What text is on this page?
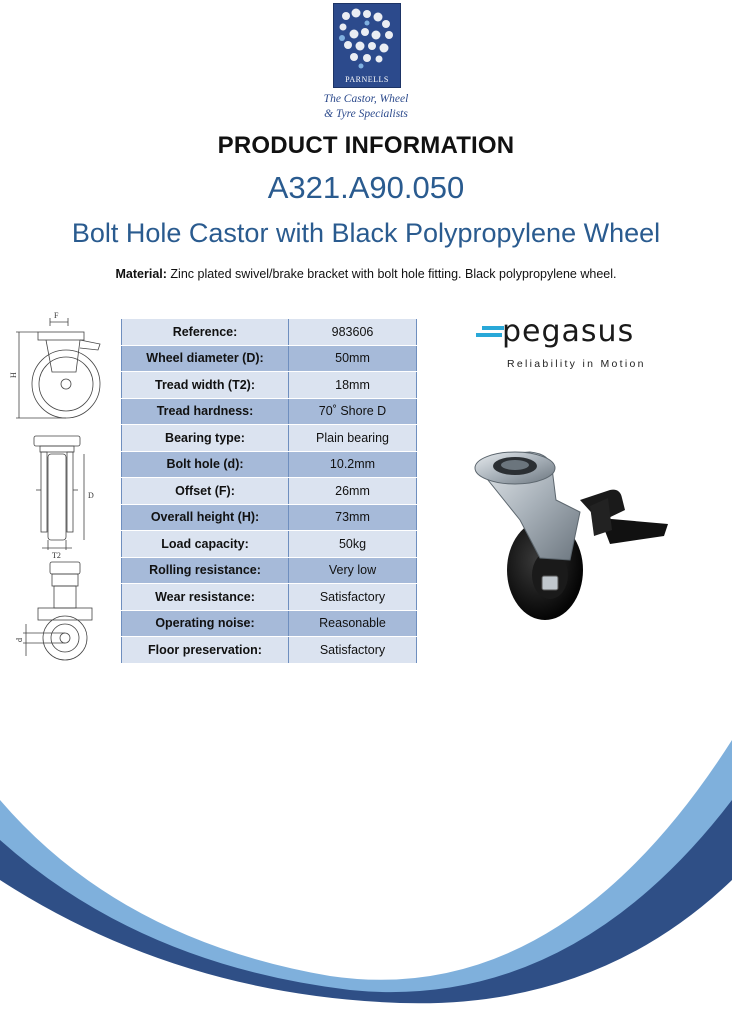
PARNELLS
The Castor, Wheel
& Tyre Specialists
PRODUCT INFORMATION
A321.A90.050
Bolt Hole Castor with Black Polypropylene Wheel
Material: Zinc plated swivel/brake bracket with bolt hole fitting. Black polypropylene wheel.
F
H
D
T2
d
Reference:	983606
Wheel diameter (D):	50mm
Tread width (T2):	18mm
Tread hardness:	70˚ Shore D
Bearing type:	Plain bearing
Bolt hole (d):	10.2mm
Offset (F):	26mm
Overall height (H):	73mm
Load capacity:	50kg
Rolling resistance:	Very low
Wear resistance:	Satisfactory
Operating noise:	Reasonable
Floor preservation:	Satisfactory
pegasus
Reliability in Motion
